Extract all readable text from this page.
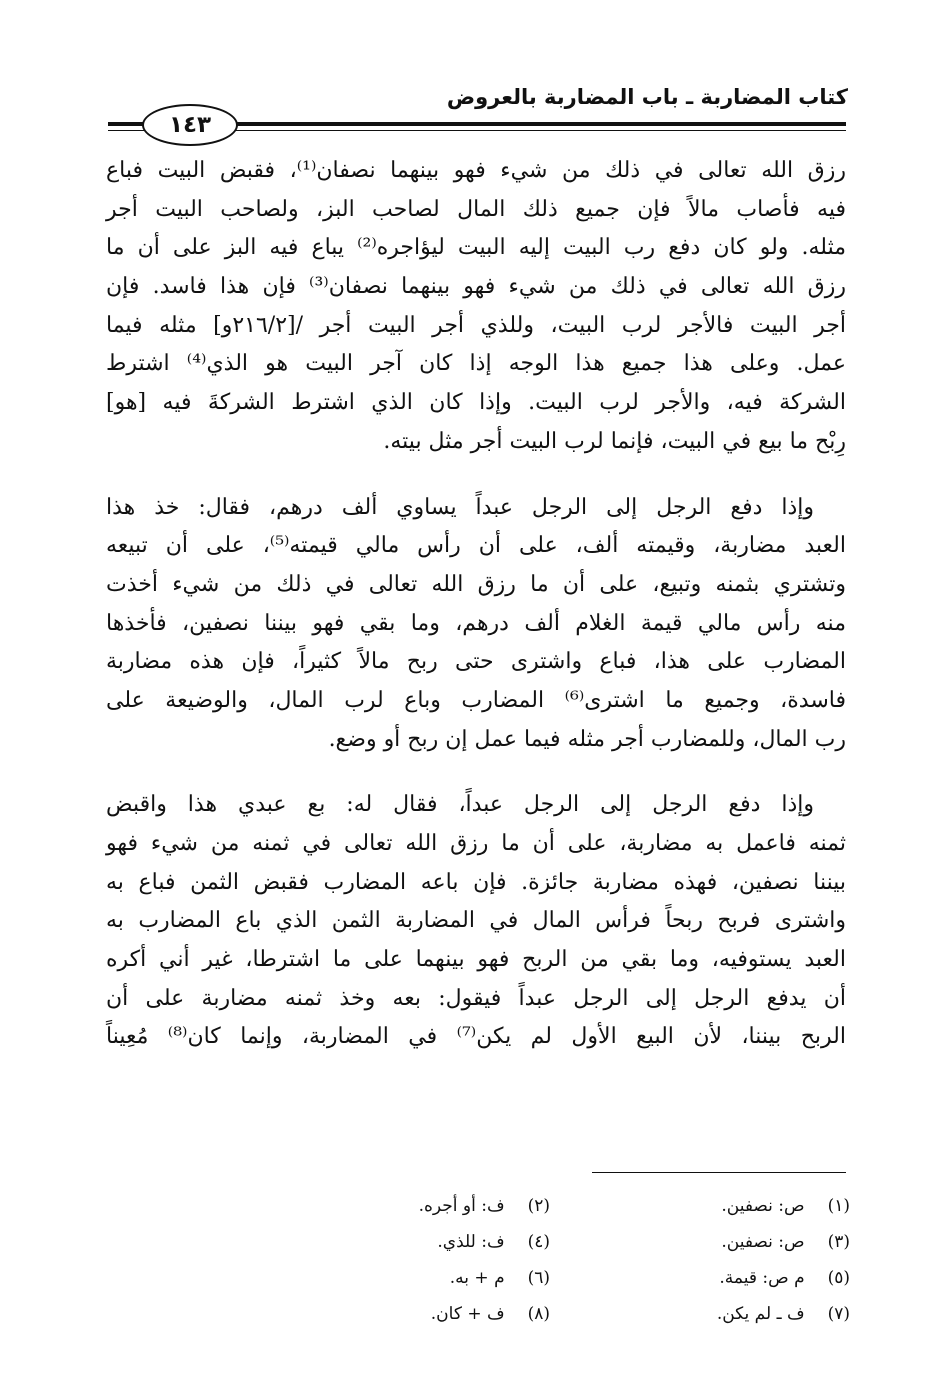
كتاب المضاربة ـ باب المضاربة بالعروض
١٤٣
رزق الله تعالى في ذلك من شيء فهو بينهما نصفان⁽¹⁾، فقبض البيت فباع
فيه فأصاب مالاً فإن جميع ذلك المال لصاحب البز، ولصاحب البيت أجر
مثله. ولو كان دفع رب البيت إليه البيت ليؤاجره⁽²⁾ يباع فيه البز على أن ما
رزق الله تعالى في ذلك من شيء فهو بينهما نصفان⁽³⁾ فإن هذا فاسد. فإن
أجر البيت فالأجر لرب البيت، وللذي أجر البيت أجر /[٢١٦/٢و] مثله فيما
عمل. وعلى هذا جميع هذا الوجه إذا كان آجر البيت هو الذي⁽⁴⁾ اشترط
الشركة فيه، والأجر لرب البيت. وإذا كان الذي اشترط الشركةَ فيه [هو]
رِبْح ما بيع في البيت، فإنما لرب البيت أجر مثل بيته.
وإذا دفع الرجل إلى الرجل عبداً يساوي ألف درهم، فقال: خذ هذا
العبد مضاربة، وقيمته ألف، على أن رأس مالي قيمته⁽⁵⁾، على أن تبيعه
وتشتري بثمنه وتبيع، على أن ما رزق الله تعالى في ذلك من شيء أخذت
منه رأس مالي قيمة الغلام ألف درهم، وما بقي فهو بيننا نصفين، فأخذها
المضارب على هذا، فباع واشترى حتى ربح مالاً كثيراً، فإن هذه مضاربة
فاسدة، وجميع ما اشترى⁽⁶⁾ المضارب وباع لرب المال، والوضيعة على
رب المال، وللمضارب أجر مثله فيما عمل إن ربح أو وضع.
وإذا دفع الرجل إلى الرجل عبداً، فقال له: بع عبدي هذا واقبض
ثمنه فاعمل به مضاربة، على أن ما رزق الله تعالى في ثمنه من شيء فهو
بيننا نصفين، فهذه مضاربة جائزة. فإن باعه المضارب فقبض الثمن فباع به
واشترى فربح ربحاً فرأس المال في المضاربة الثمن الذي باع المضارب به
العبد يستوفيه، وما بقي من الربح فهو بينهما على ما اشترطا، غير أني أكره
أن يدفع الرجل إلى الرجل عبداً فيقول: بعه وخذ ثمنه مضاربة على أن
الربح بيننا، لأن البيع الأول لم يكن⁽⁷⁾ في المضاربة، وإنما كان⁽⁸⁾ مُعِيناً
(١) ص: نصفين.
(٢) ف: أو أجره.
(٣) ص: نصفين.
(٤) ف: للذي.
(٥) م ص: قيمة.
(٦) م + به.
(٧) ف ـ لم يكن.
(٨) ف + كان.
